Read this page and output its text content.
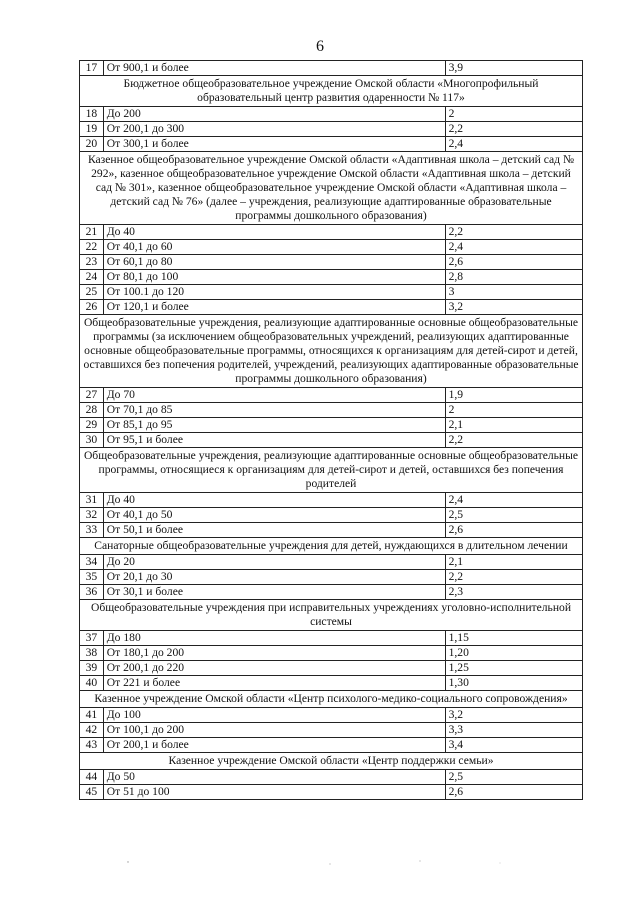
6
17	От 900,1 и более	3,9
Бюджетное общеобразовательное учреждение Омской области «Многопрофильный образовательный центр развития одаренности № 117»		
18	До 200	2
19	От 200,1 до 300	2,2
20	От 300,1 и более	2,4
Казенное общеобразовательное учреждение Омской области «Адаптивная школа – детский сад № 292», казенное общеобразовательное учреждение Омской области «Адаптивная школа – детский сад № 301», казенное общеобразовательное учреждение Омской области «Адаптивная школа – детский сад № 76» (далее – учреждения, реализующие адаптированные образовательные программы дошкольного образования)		
21	До 40	2,2
22	От 40,1 до 60	2,4
23	От 60,1 до 80	2,6
24	От 80,1 до 100	2,8
25	От 100.1 до 120	3
26	От 120,1 и более	3,2
Общеобразовательные учреждения, реализующие адаптированные основные общеобразовательные программы (за исключением общеобразовательных учреждений, реализующих адаптированные основные общеобразовательные программы, относящихся к организациям для детей-сирот и детей, оставшихся без попечения родителей, учреждений, реализующих адаптированные образовательные программы дошкольного образования)		
27	До 70	1,9
28	От 70,1 до 85	2
29	От 85,1 до 95	2,1
30	От 95,1 и более	2,2
Общеобразовательные учреждения, реализующие адаптированные основные общеобразовательные программы, относящиеся к организациям для детей-сирот и детей, оставшихся без попечения родителей		
31	До 40	2,4
32	От 40,1 до 50	2,5
33	От 50,1 и более	2,6
Санаторные общеобразовательные учреждения для детей, нуждающихся в длительном лечении		
34	До 20	2,1
35	От 20,1 до 30	2,2
36	От 30,1 и более	2,3
Общеобразовательные учреждения при исправительных учреждениях уголовно-исполнительной системы		
37	До 180	1,15
38	От 180,1 до 200	1,20
39	От 200,1 до 220	1,25
40	От 221 и более	1,30
Казенное учреждение Омской области «Центр психолого-медико-социального сопровождения»		
41	До 100	3,2
42	От 100,1 до 200	3,3
43	От 200,1 и более	3,4
Казенное учреждение Омской области «Центр поддержки семьи»		
44	До 50	2,5
45	От 51 до 100	2,6
